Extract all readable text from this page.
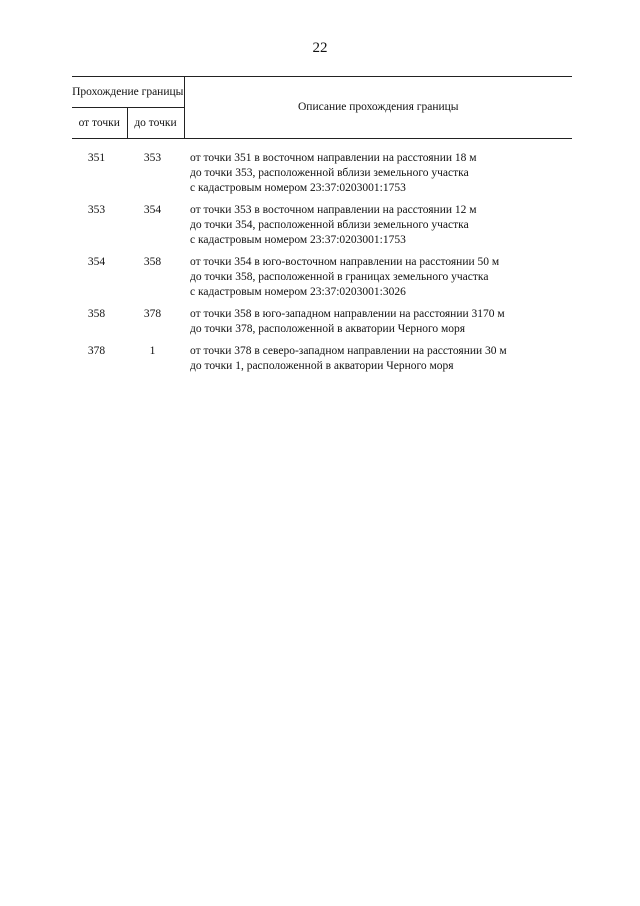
22
Прохождение границы		Описание прохождения границы
от точки	до точки	
351	353	от точки 351 в восточном направлении на расстоянии 18 м
до точки 353, расположенной вблизи земельного участка
с кадастровым номером 23:37:0203001:1753

353	354	от точки 353 в восточном направлении на расстоянии 12 м
до точки 354, расположенной вблизи земельного участка
с кадастровым номером 23:37:0203001:1753

354	358	от точки 354 в юго-восточном направлении на расстоянии 50 м
до точки 358, расположенной в границах земельного участка
с кадастровым номером 23:37:0203001:3026

358	378	от точки 358 в юго-западном направлении на расстоянии 3170 м
до точки 378, расположенной в акватории Черного моря

378	1	от точки 378 в северо-западном направлении на расстоянии 30 м
до точки 1, расположенной в акватории Черного моря
